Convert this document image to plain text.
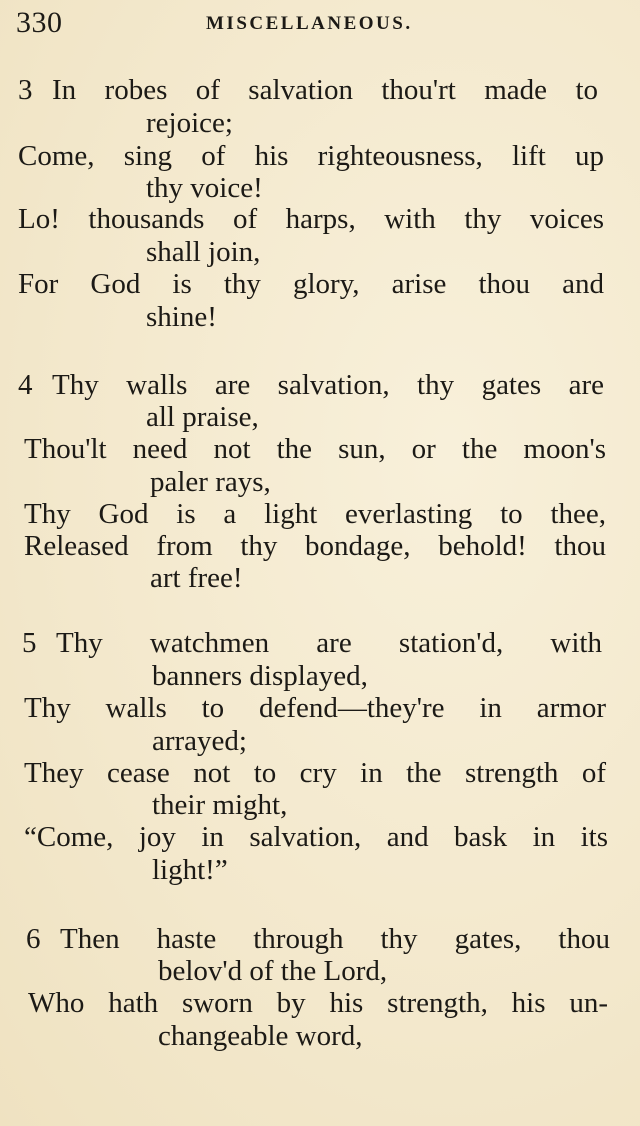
330	MISCELLANEOUS.
3 In robes of salvation thou'rt made to
rejoice;
Come, sing of his righteousness, lift up
thy voice!
Lo! thousands of harps, with thy voices
shall join,
For God is thy glory, arise thou and
shine!
4 Thy walls are salvation, thy gates are
all praise,
Thou'lt need not the sun, or the moon's
paler rays,
Thy God is a light everlasting to thee,
Released from thy bondage, behold! thou
art free!
5 Thy watchmen are station'd, with
banners displayed,
Thy walls to defend—they're in armor
arrayed;
They cease not to cry in the strength of
their might,
“Come, joy in salvation, and bask in its
light!”
6 Then haste through thy gates, thou
belov'd of the Lord,
Who hath sworn by his strength, his un-
changeable word,
